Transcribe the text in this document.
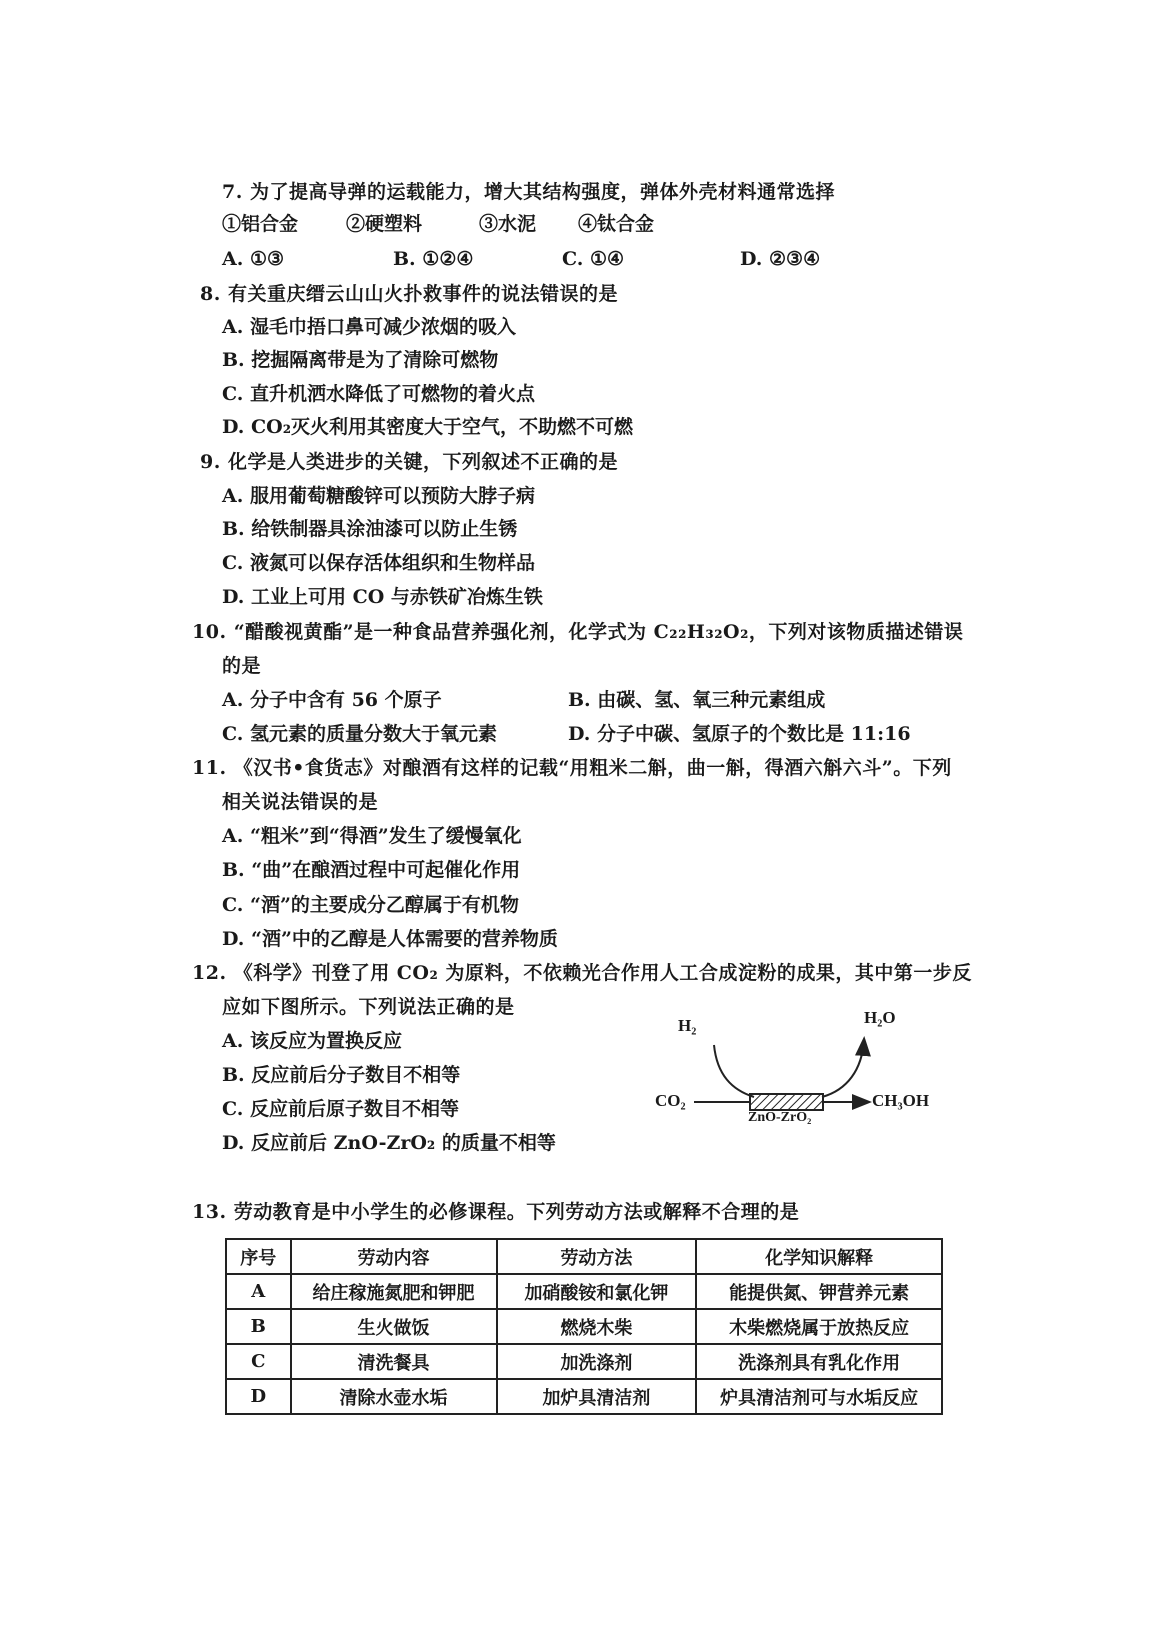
7. 为了提高导弹的运载能力，增大其结构强度，弹体外壳材料通常选择
①铝合金	②硬塑料	③水泥 ④钛合金
A. ①③	B. ①②④	C. ①④	D. ②③④
8. 有关重庆缙云山山火扑救事件的说法错误的是
A. 湿毛巾捂口鼻可减少浓烟的吸入
B. 挖掘隔离带是为了清除可燃物
C. 直升机洒水降低了可燃物的着火点
D. CO₂灭火利用其密度大于空气，不助燃不可燃
9. 化学是人类进步的关键，下列叙述不正确的是
A. 服用葡萄糖酸锌可以预防大脖子病
B. 给铁制器具涂油漆可以防止生锈
C. 液氮可以保存活体组织和生物样品
D. 工业上可用 CO 与赤铁矿冶炼生铁
10. “醋酸视黄酯”是一种食品营养强化剂，化学式为 C₂₂H₃₂O₂，下列对该物质描述错误
的是
A. 分子中含有 56 个原子	B. 由碳、氢、氧三种元素组成
C. 氢元素的质量分数大于氧元素	D. 分子中碳、氢原子的个数比是 11:16
11. 《汉书•食货志》对酿酒有这样的记载“用粗米二斛，曲一斛，得酒六斛六斗”。下列
相关说法错误的是
A. “粗米”到“得酒”发生了缓慢氧化
B. “曲”在酿酒过程中可起催化作用
C. “酒”的主要成分乙醇属于有机物
D. “酒”中的乙醇是人体需要的营养物质
12. 《科学》刊登了用 CO₂ 为原料，不依赖光合作用人工合成淀粉的成果，其中第一步反
应如下图所示。下列说法正确的是
A. 该反应为置换反应
B. 反应前后分子数目不相等
C. 反应前后原子数目不相等
D. 反应前后 ZnO-ZrO₂ 的质量不相等
H₂	H₂O
CO₂	CH₃OH
ZnO-ZrO₂
13. 劳动教育是中小学生的必修课程。下列劳动方法或解释不合理的是
序号	劳动内容	劳动方法	化学知识解释
A	给庄稼施氮肥和钾肥	加硝酸铵和氯化钾	能提供氮、钾营养元素
B	生火做饭	燃烧木柴	木柴燃烧属于放热反应
C	清洗餐具	加洗涤剂	洗涤剂具有乳化作用
D	清除水壶水垢	加炉具清洁剂	炉具清洁剂可与水垢反应
